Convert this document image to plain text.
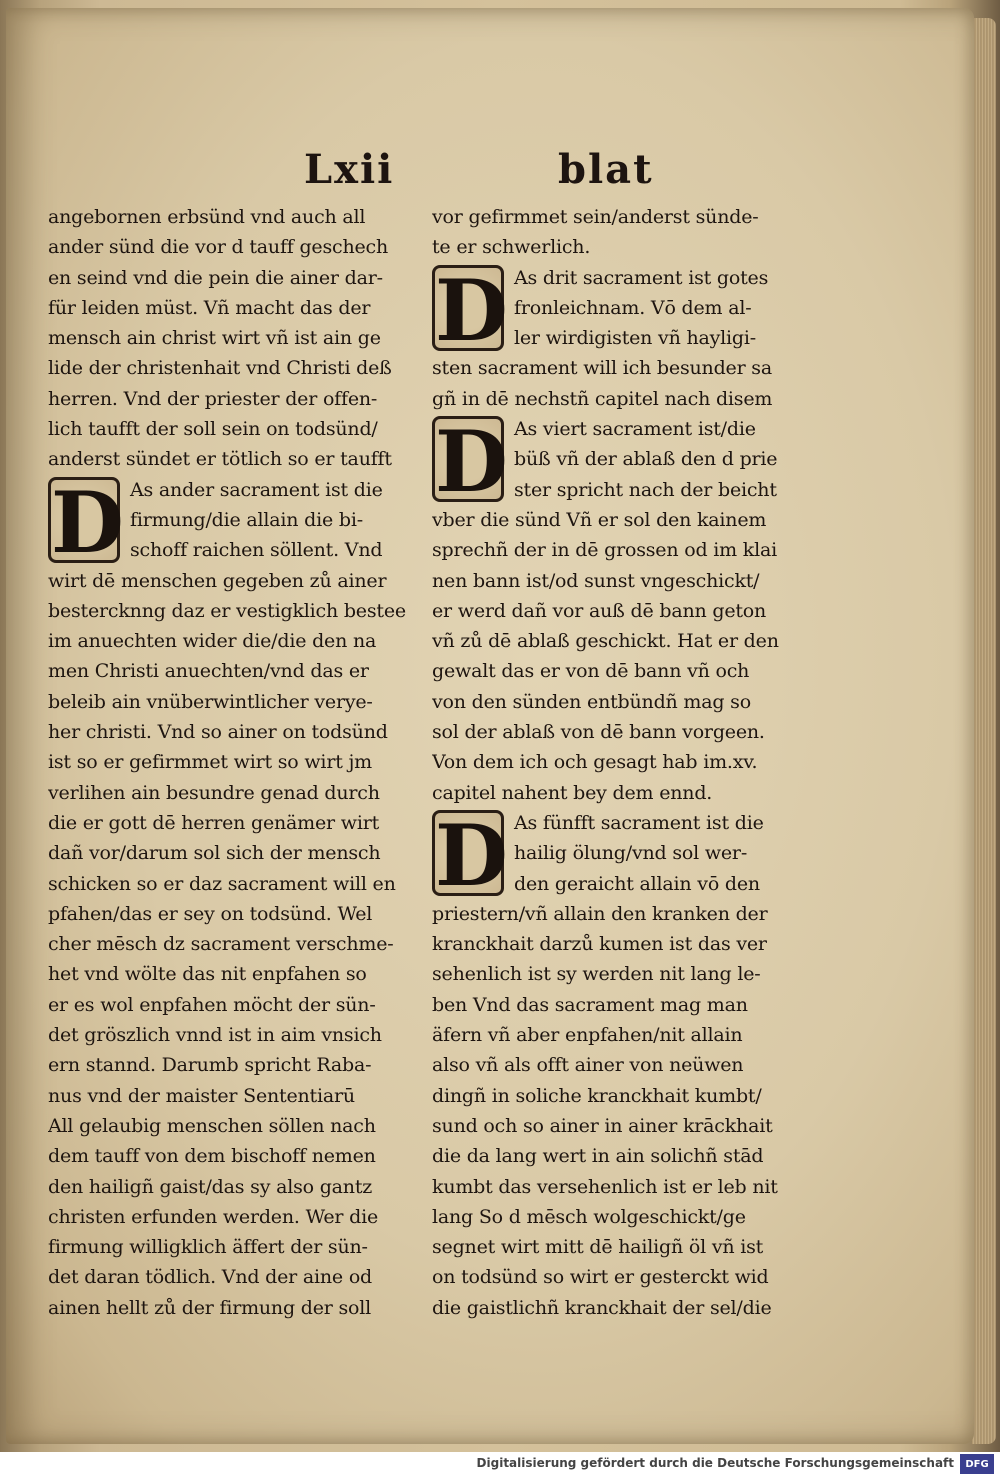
Lxii	blat
angebornen erbsünd vnd auch all
ander sünd die vor d tauff geschech
en seind vnd die pein die ainer dar-
für leiden müst. Vñ macht das der
mensch ain christ wirt vñ ist ain ge
lide der christenhait vnd Christi deß
herren. Vnd der priester der offen-
lich taufft der soll sein on todsünd/
anderst sündet er tötlich so er taufft
D As ander sacrament ist die
firmung/die allain die bi-
schoff raichen söllent. Vnd
wirt dē menschen gegeben zů ainer
bestercknng daz er vestigklich bestee
im anuechten wider die/die den na
men Christi anuechten/vnd das er
beleib ain vnüberwintlicher verye-
her christi. Vnd so ainer on todsünd
ist so er gefirmmet wirt so wirt jm
verlihen ain besundre genad durch
die er gott dē herren genämer wirt
dañ vor/darum sol sich der mensch
schicken so er daz sacrament will en
pfahen/das er sey on todsünd. Wel
cher mēsch dz sacrament verschme-
het vnd wölte das nit enpfahen so
er es wol enpfahen möcht der sün-
det gröszlich vnnd ist in aim vnsich
ern stannd. Darumb spricht Raba-
nus vnd der maister Sententiarū
All gelaubig menschen söllen nach
dem tauff von dem bischoff nemen
den hailigñ gaist/das sy also gantz
christen erfunden werden. Wer die
firmung willigklich äffert der sün-
det daran tödlich. Vnd der aine od
ainen hellt zů der firmung der soll
vor gefirmmet sein/anderst sünde-
te er schwerlich.
D As drit sacrament ist gotes
fronleichnam. Vō dem al-
ler wirdigisten vñ hayligi-
sten sacrament will ich besunder sa
gñ in dē nechstñ capitel nach disem
D As viert sacrament ist/die
büß vñ der ablaß den d prie
ster spricht nach der beicht
vber die sünd Vñ er sol den kainem
sprechñ der in dē grossen od im klai
nen bann ist/od sunst vngeschickt/
er werd dañ vor auß dē bann geton
vñ zů dē ablaß geschickt. Hat er den
gewalt das er von dē bann vñ och
von den sünden entbündñ mag so
sol der ablaß von dē bann vorgeen.
Von dem ich och gesagt hab im.xv.
capitel nahent bey dem ennd.
D As fünfft sacrament ist die
hailig ölung/vnd sol wer-
den geraicht allain vō den
priestern/vñ allain den kranken der
kranckhait darzů kumen ist das ver
sehenlich ist sy werden nit lang le-
ben Vnd das sacrament mag man
äfern vñ aber enpfahen/nit allain
also vñ als offt ainer von neüwen
dingñ in soliche kranckhait kumbt/
sund och so ainer in ainer krāckhait
die da lang wert in ain solichñ stād
kumbt das versehenlich ist er leb nit
lang So d mēsch wolgeschickt/ge
segnet wirt mitt dē hailigñ öl vñ ist
on todsünd so wirt er gesterckt wid
die gaistlichñ kranckhait der sel/die
Digitalisierung gefördert durch die Deutsche Forschungsgemeinschaft	DFG
